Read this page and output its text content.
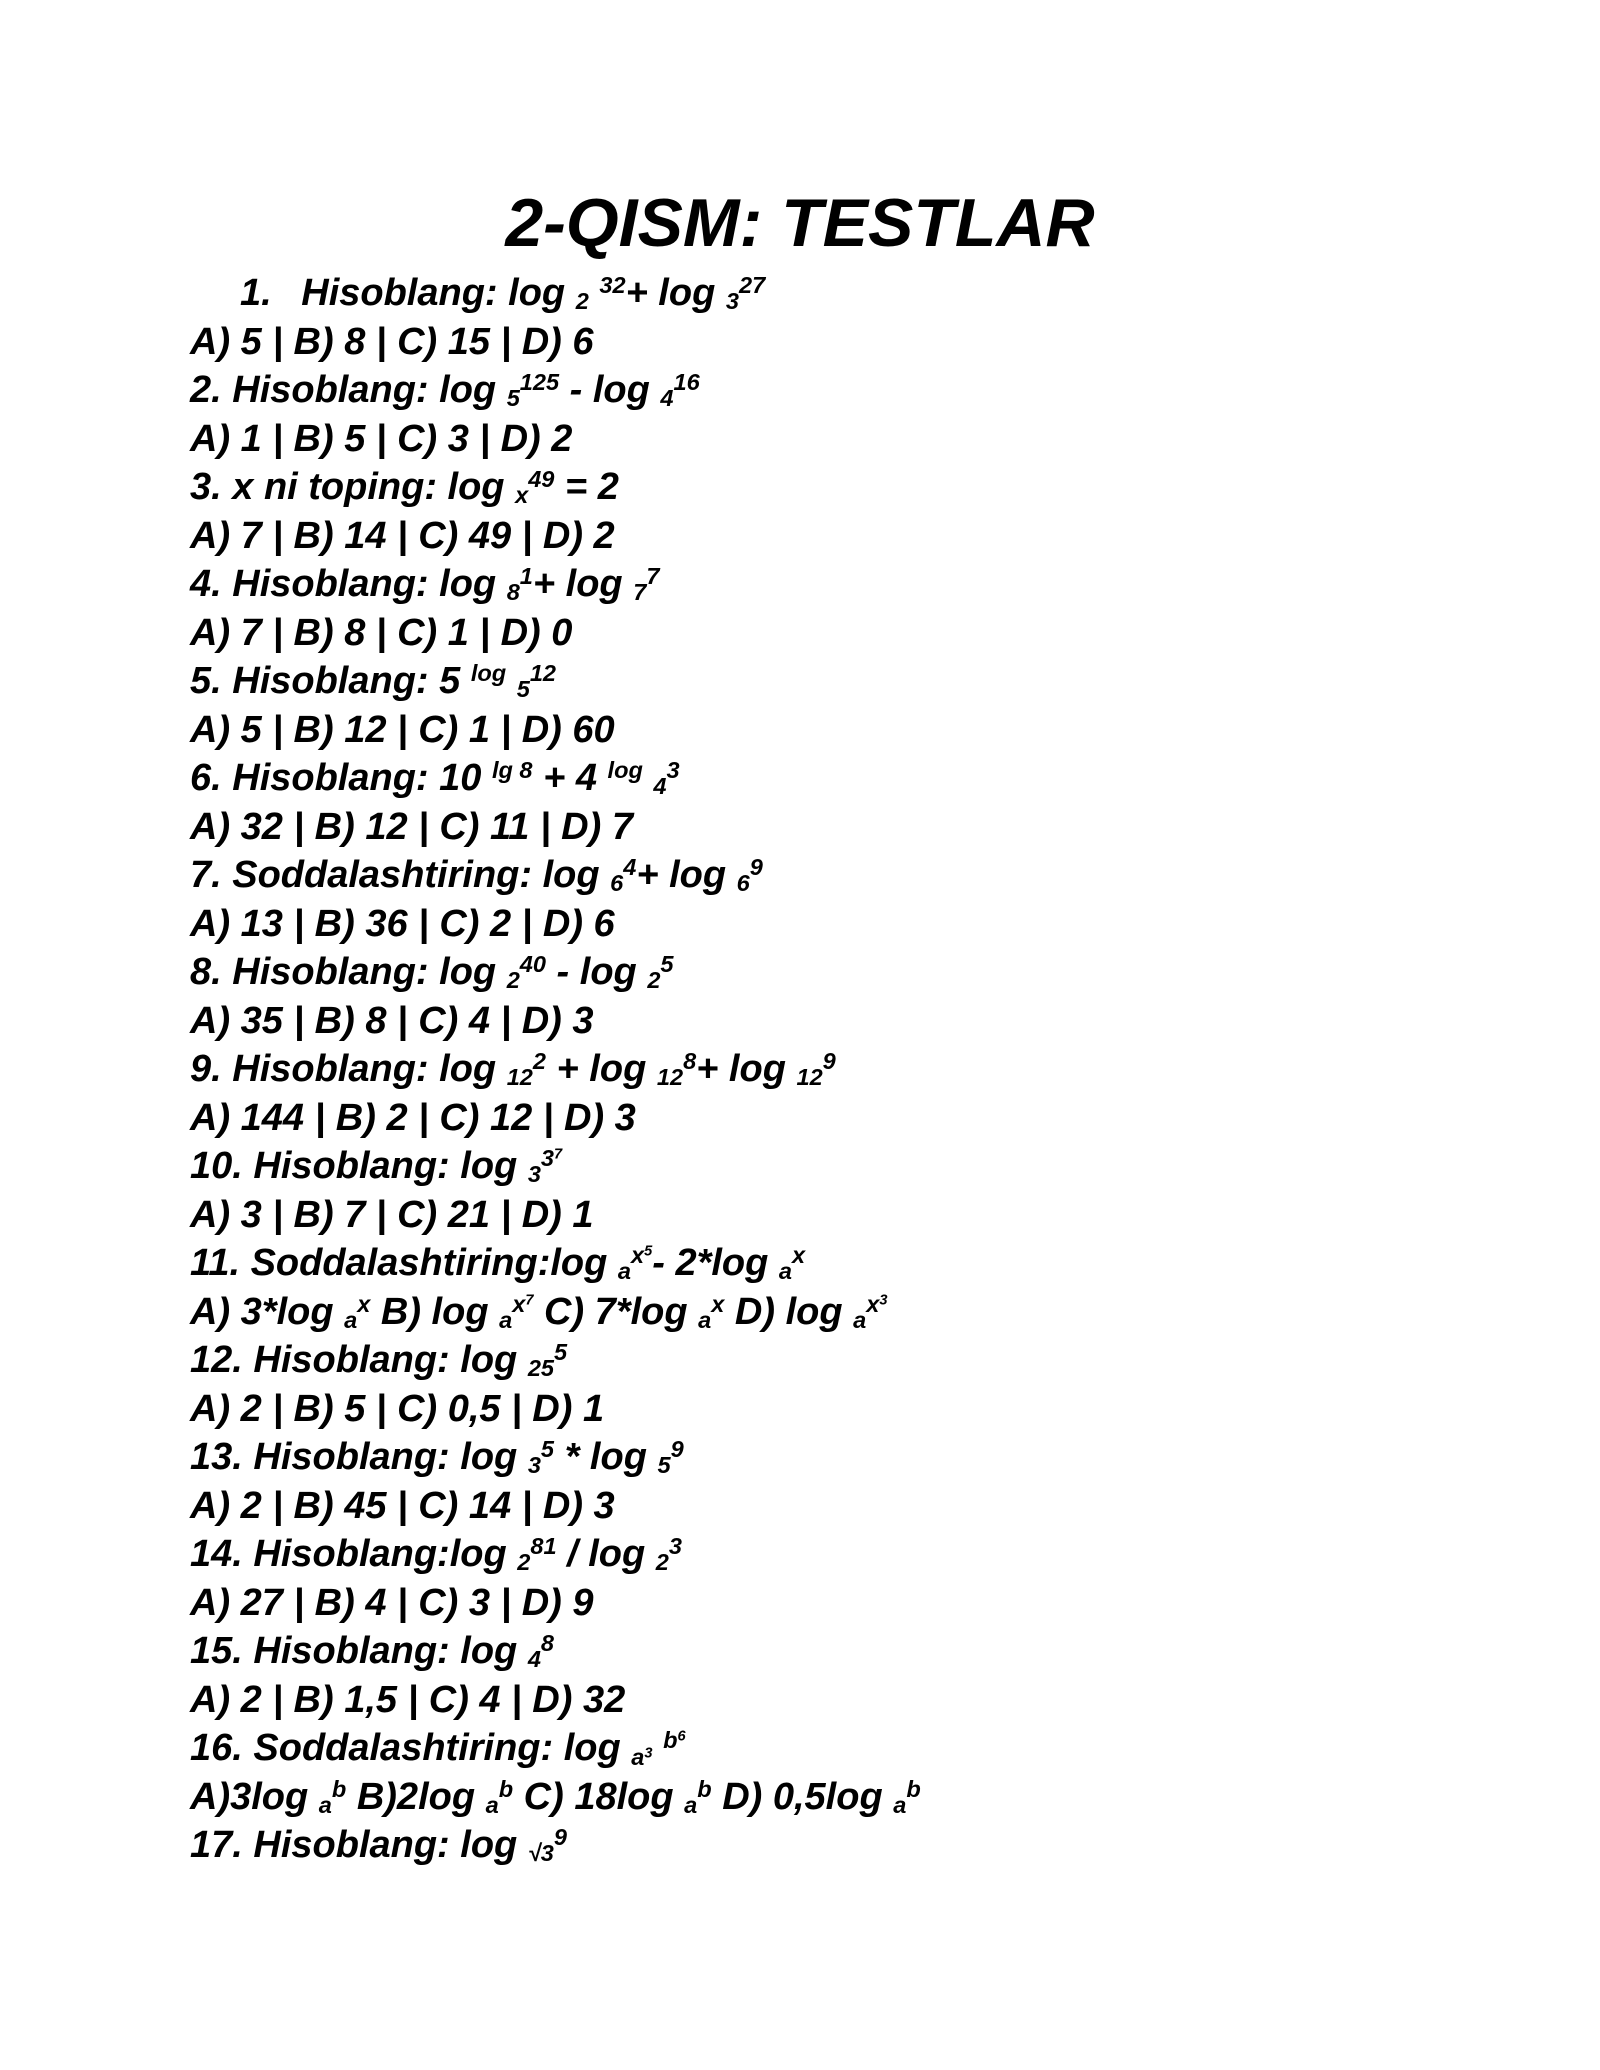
2-QISM: TESTLAR
1.  Hisoblang: log $_2$ $^{32}$+ log $_3^{27}$
A) 5 | B) 8 | C) 15 | D) 6
2. Hisoblang: log $_5^{125}$ - log $_4^{16}$
A) 1 | B) 5 | C) 3 | D) 2
3. x ni toping: log $_x^{49}$ = 2
A) 7 | B) 14 | C) 49 | D) 2
4. Hisoblang: log $_8^1$+ log $_7^7$
A) 7 | B) 8 | C) 1 | D) 0
5. Hisoblang: 5 $^{log}$ $_5^{12}$
A) 5 | B) 12 | C) 1 | D) 60
6. Hisoblang: 10 $^{lg 8}$ + 4 $^{log}$ $_4^3$
A) 32 | B) 12 | C) 11 | D) 7
7. Soddalashtiring: log $_6^4$+ log $_6^9$
A) 13 | B) 36 | C) 2 | D) 6
8. Hisoblang: log $_2^{40}$ - log $_2^5$
A) 35 | B) 8 | C) 4 | D) 3
9. Hisoblang: log $_{12}^2$ + log $_{12}^8$+ log $_{12}^9$
A) 144 | B) 2 | C) 12 | D) 3
10. Hisoblang: log $_3^{3^7}$
A) 3 | B) 7 | C) 21 | D) 1
11. Soddalashtiring:log $_a^{x^5}$- 2*log $_a^x$
A) 3*log $_a^x$ B) log $_a^{x^7}$ C) 7*log $_a^x$ D) log $_a^{x^3}$
12. Hisoblang: log $_{25}^5$
A) 2 | B) 5 | C) 0,5 | D) 1
13. Hisoblang: log $_3^5$ * log $_5^9$
A) 2 | B) 45 | C) 14 | D) 3
14. Hisoblang:log $_2^{81}$ / log $_2^3$
A) 27 | B) 4 | C) 3 | D) 9
15. Hisoblang: log $_4^8$
A) 2 | B) 1,5 | C) 4 | D) 32
16. Soddalashtiring: log $_{a^3}$ $^{b^6}$
A)3log $_a^b$ B)2log $_a^b$ C) 18log $_a^b$ D) 0,5log $_a^b$
17. Hisoblang: log $_{√3}^9$
